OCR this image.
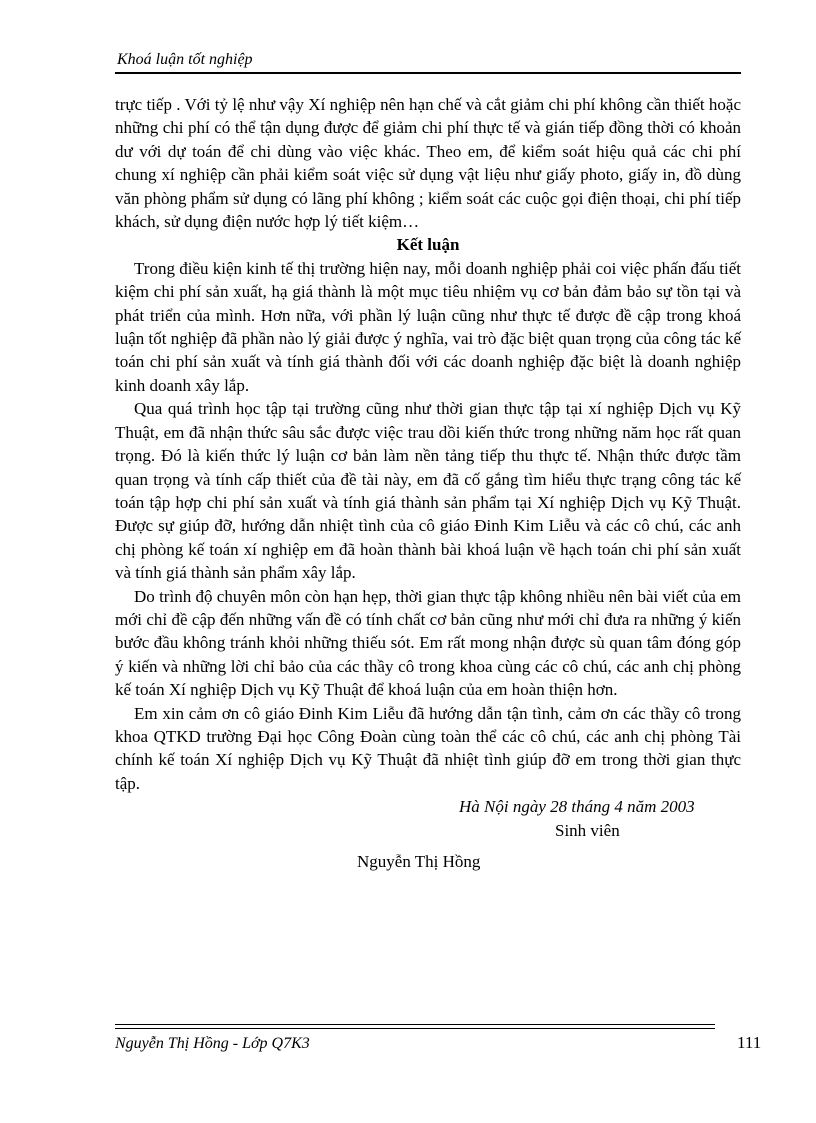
Khoá luận tốt nghiệp

trực tiếp . Với tỷ lệ như vậy Xí nghiệp nên hạn chế và cắt giảm chi phí không cần thiết hoặc những chi phí có thể tận dụng được để giảm chi phí thực tế và gián tiếp đồng thời có khoản dư với dự toán để chi dùng vào việc khác. Theo em, để kiểm soát hiệu quả các chi phí chung xí nghiệp cần phải kiểm soát việc sử dụng vật liệu như giấy photo, giấy in, đồ dùng văn phòng phẩm sử dụng có lãng phí không ; kiểm soát các cuộc gọi điện thoại, chi phí tiếp khách, sử dụng điện nước hợp lý tiết kiệm…

Kết luận

Trong điều kiện kinh tế thị trường hiện nay, mỗi doanh nghiệp phải coi việc phấn đấu tiết kiệm chi phí sản xuất, hạ giá thành là một mục tiêu nhiệm vụ cơ bản đảm bảo sự tồn tại và phát triển của mình. Hơn nữa, với phần lý luận cũng như thực tế được đề cập trong khoá luận tốt nghiệp đã phần nào lý giải được ý nghĩa, vai trò đặc biệt quan trọng của công tác kế toán chi phí sản xuất và tính giá thành đối với các doanh nghiệp đặc biệt là doanh nghiệp kinh doanh xây lắp.

Qua quá trình học tập tại trường cũng như thời gian thực tập tại xí nghiệp Dịch vụ Kỹ Thuật, em đã nhận thức sâu sắc được việc trau dồi kiến thức trong những năm học rất quan trọng. Đó là kiến thức lý luận cơ bản làm nền tảng tiếp thu thực tế. Nhận thức được tầm quan trọng và tính cấp thiết của đề tài này, em đã cố gắng tìm hiểu thực trạng công tác kế toán tập hợp chi phí sản xuất và tính giá thành sản phẩm tại Xí nghiệp Dịch vụ Kỹ Thuật. Được sự giúp đỡ, hướng dẫn nhiệt tình của cô giáo Đinh Kim Liễu và các cô chú, các anh chị phòng kế toán xí nghiệp em đã hoàn thành bài khoá luận về hạch toán chi phí sản xuất và tính giá thành sản phẩm xây lắp.

Do trình độ chuyên môn còn hạn hẹp, thời gian thực tập không nhiều nên bài viết của em mới chỉ đề cập đến những vấn đề có tính chất cơ bản cũng như mới chỉ đưa ra những ý kiến bước đầu không tránh khỏi những thiếu sót. Em rất mong nhận được sù quan tâm đóng góp ý kiến và những lời chỉ bảo của các thầy cô trong khoa cùng các cô chú, các anh chị phòng kế toán Xí nghiệp Dịch vụ Kỹ Thuật để khoá luận của em hoàn thiện hơn.

Em xin cảm ơn cô giáo Đinh Kim Liễu đã hướng dẫn tận tình, cảm ơn các thầy cô trong khoa QTKD trường Đại học Công Đoàn cùng toàn thể các cô chú, các anh chị phòng Tài chính kế toán Xí nghiệp Dịch vụ Kỹ Thuật đã nhiệt tình giúp đỡ em trong thời gian thực tập.

Hà Nội ngày 28 tháng 4 năm 2003

Sinh viên

Nguyễn Thị Hồng

Nguyễn Thị Hồng - Lớp Q7K3	111
